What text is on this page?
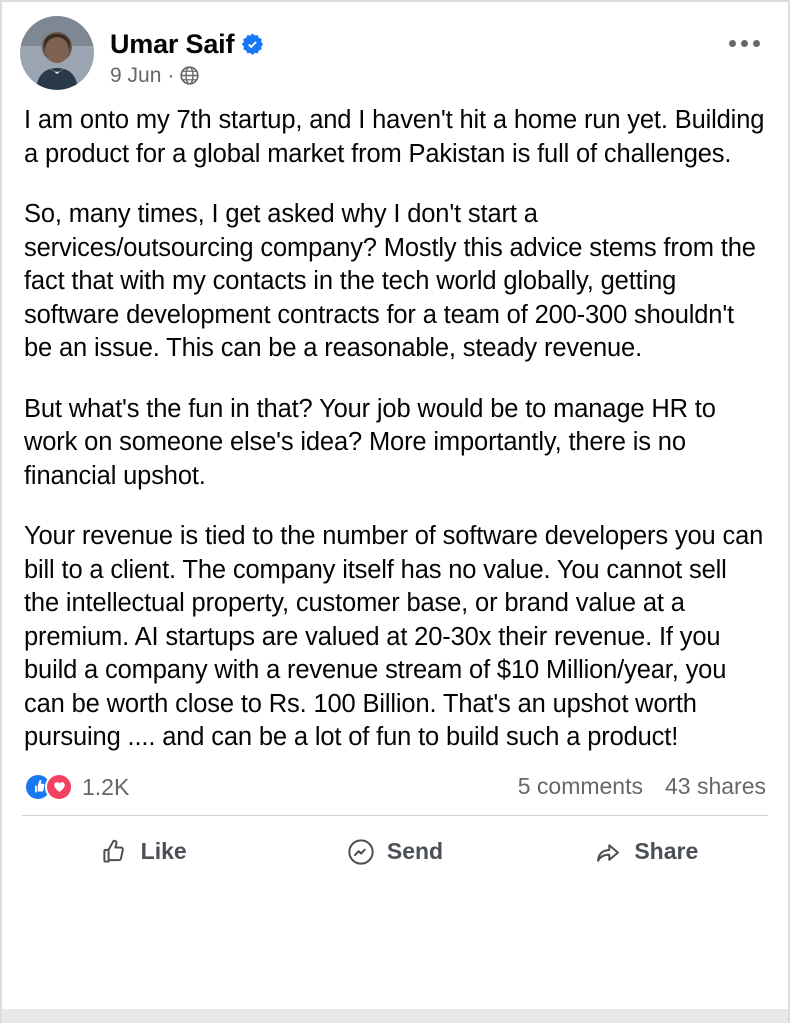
Umar Saif
9 Jun ·

I am onto my 7th startup, and I haven't hit a home run yet. Building a product for a global market from Pakistan is full of challenges.

So, many times, I get asked why I don't start a services/outsourcing company? Mostly this advice stems from the fact that with my contacts in the tech world globally, getting software development contracts for a team of 200-300 shouldn't be an issue. This can be a reasonable, steady revenue.

But what's the fun in that? Your job would be to manage HR to work on someone else's idea? More importantly, there is no financial upshot.

Your revenue is tied to the number of software developers you can bill to a client. The company itself has no value. You cannot sell the intellectual property, customer base, or brand value at a premium. AI startups are valued at 20-30x their revenue. If you build a company with a revenue stream of $10 Million/year, you can be worth close to Rs. 100 Billion. That's an upshot worth pursuing .... and can be a lot of fun to build such a product!

1.2K	5 comments 43 shares
Like	Send	Share
